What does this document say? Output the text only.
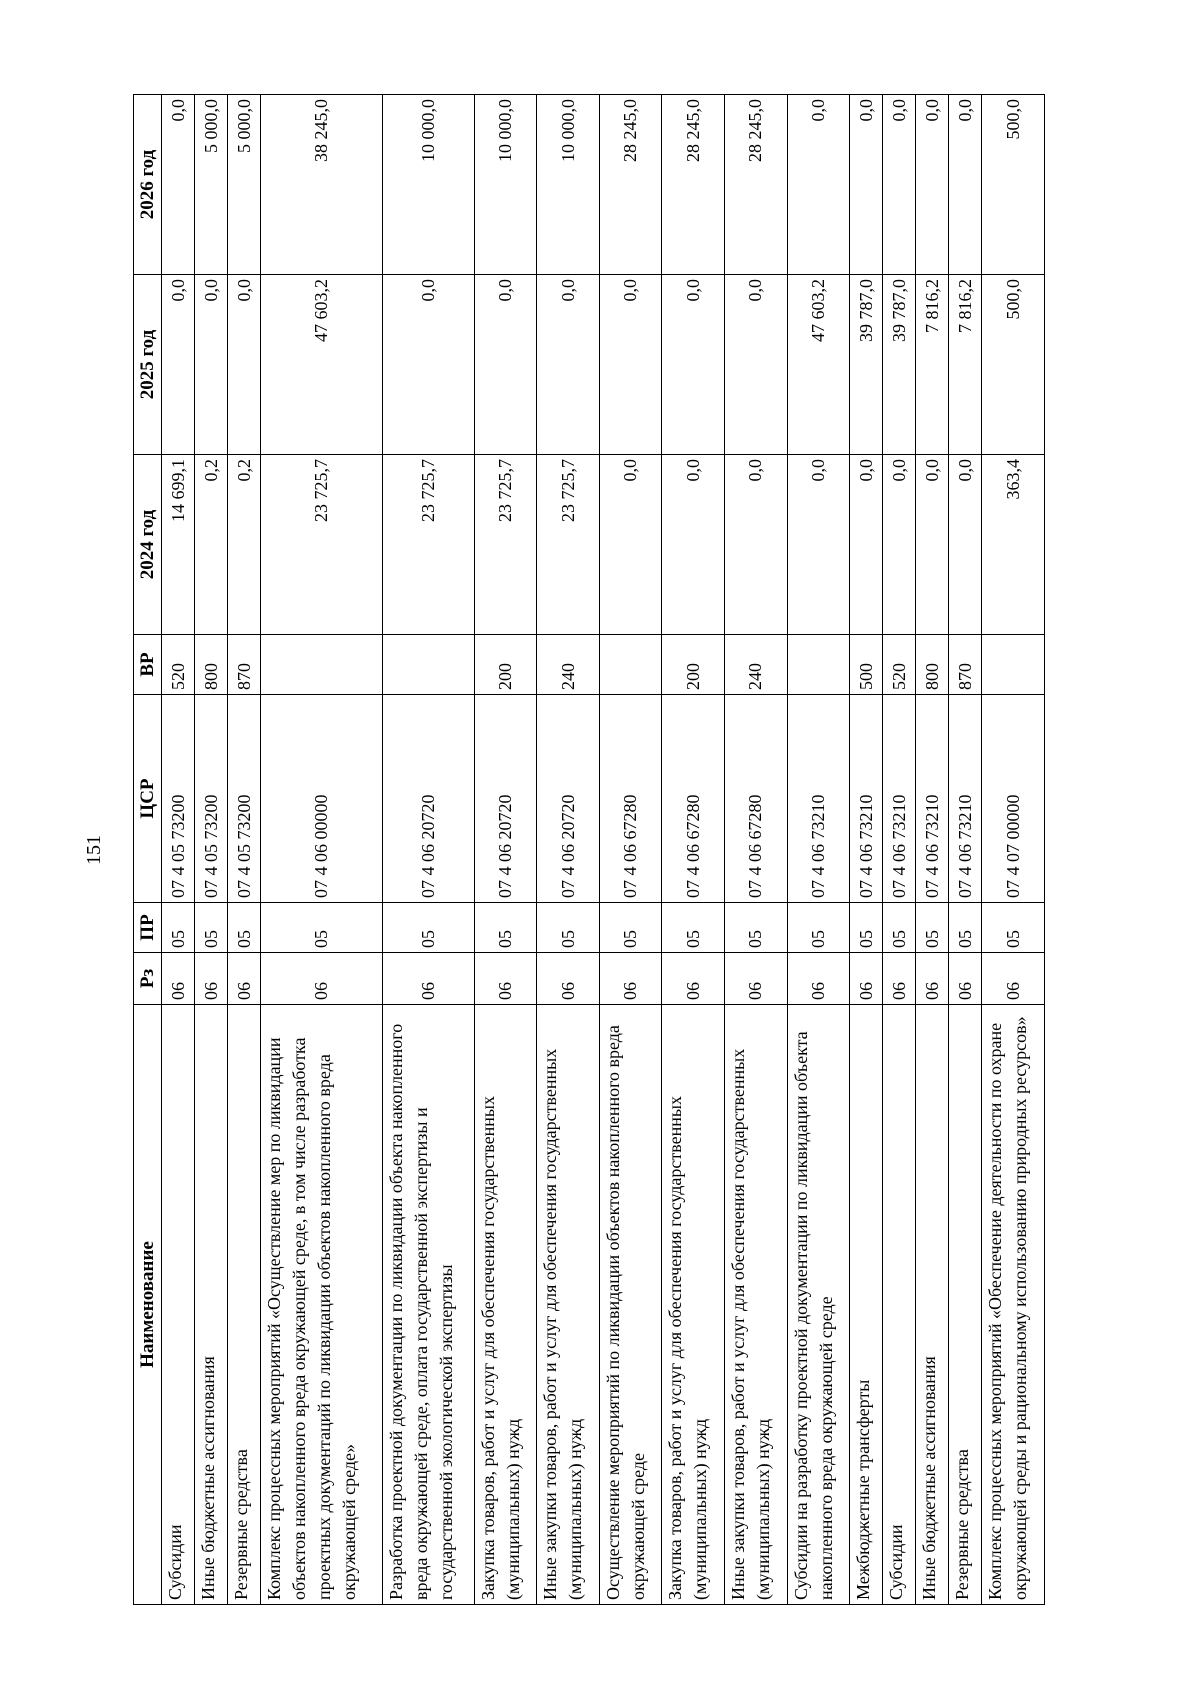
151
Наименование	Рз	ПР	ЦСР	ВР	2024 год	2025 год	2026 год
Субсидии	06	05	07 4 05 73200	520	14 699,1	0,0	0,0
Иные бюджетные ассигнования	06	05	07 4 05 73200	800	0,2	0,0	5 000,0
Резервные средства	06	05	07 4 05 73200	870	0,2	0,0	5 000,0
Комплекс процессных мероприятий «Осуществление мер по ликвидации объектов накопленного вреда окружающей среде, в том числе разработка проектных документаций по ликвидации объектов накопленного вреда окружающей среде»	06	05	07 4 06 00000		23 725,7	47 603,2	38 245,0
Разработка проектной документации по ликвидации объекта накопленного вреда окружающей среде, оплата государственной экспертизы и государственной экологической экспертизы	06	05	07 4 06 20720		23 725,7	0,0	10 000,0
Закупка товаров, работ и услуг для обеспечения государственных (муниципальных) нужд	06	05	07 4 06 20720	200	23 725,7	0,0	10 000,0
Иные закупки товаров, работ и услуг для обеспечения государственных (муниципальных) нужд	06	05	07 4 06 20720	240	23 725,7	0,0	10 000,0
Осуществление мероприятий по ликвидации объектов накопленного вреда окружающей среде	06	05	07 4 06 67280		0,0	0,0	28 245,0
Закупка товаров, работ и услуг для обеспечения государственных (муниципальных) нужд	06	05	07 4 06 67280	200	0,0	0,0	28 245,0
Иные закупки товаров, работ и услуг для обеспечения государственных (муниципальных) нужд	06	05	07 4 06 67280	240	0,0	0,0	28 245,0
Субсидии на разработку проектной документации по ликвидации объекта накопленного вреда окружающей среде	06	05	07 4 06 73210		0,0	47 603,2	0,0
Межбюджетные трансферты	06	05	07 4 06 73210	500	0,0	39 787,0	0,0
Субсидии	06	05	07 4 06 73210	520	0,0	39 787,0	0,0
Иные бюджетные ассигнования	06	05	07 4 06 73210	800	0,0	7 816,2	0,0
Резервные средства	06	05	07 4 06 73210	870	0,0	7 816,2	0,0
Комплекс процессных мероприятий «Обеспечение деятельности по охране окружающей среды и рациональному использованию природных ресурсов»	06	05	07 4 07 00000		363,4	500,0	500,0
